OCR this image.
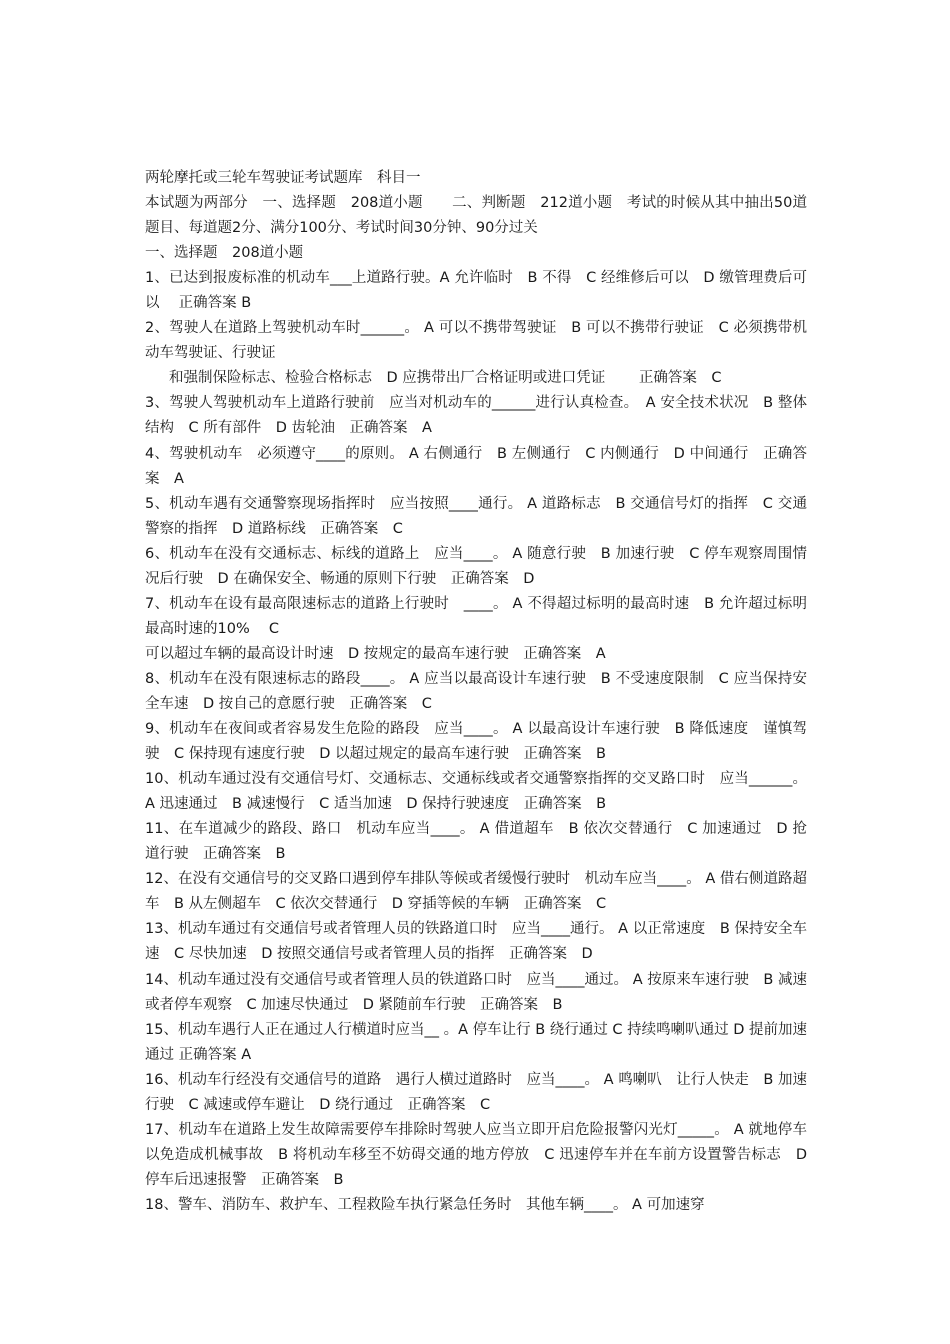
两轮摩托或三轮车驾驶证考试题库　科目一

本试题为两部分　一、选择题　208道小题　　二、判断题　212道小题　考试的时候从其中抽出50道题目、每道题2分、满分100分、考试时间30分钟、90分过关

一、选择题　208道小题

1、已达到报废标准的机动车___上道路行驶。A 允许临时　B 不得　C 经维修后可以　D 缴管理费后可以　 正确答案 B

2、驾驶人在道路上驾驶机动车时______。 A 可以不携带驾驶证　B 可以不携带行驶证　C 必须携带机动车驾驶证、行驶证

和强制保险标志、检验合格标志　D 应携带出厂合格证明或进口凭证　　 正确答案　C

3、驾驶人驾驶机动车上道路行驶前　应当对机动车的______进行认真检查。　A 安全技术状况　B 整体结构　C 所有部件　D 齿轮油　正确答案　A

4、驾驶机动车　必须遵守____的原则。 A 右侧通行　B 左侧通行　C 内侧通行　D 中间通行　正确答案　A

5、机动车遇有交通警察现场指挥时　应当按照____通行。 A 道路标志　B 交通信号灯的指挥　C 交通警察的指挥　D 道路标线　正确答案　C

6、机动车在没有交通标志、标线的道路上　应当____。 A 随意行驶　B 加速行驶　C 停车观察周围情况后行驶　D 在确保安全、畅通的原则下行驶　正确答案　D

7、机动车在设有最高限速标志的道路上行驶时　____。 A 不得超过标明的最高时速　B 允许超过标明最高时速的10%　 C

可以超过车辆的最高设计时速　D 按规定的最高车速行驶　正确答案　A

8、机动车在没有限速标志的路段____。 A 应当以最高设计车速行驶　B 不受速度限制　C 应当保持安全车速　D 按自己的意愿行驶　正确答案　C

9、机动车在夜间或者容易发生危险的路段　应当____。 A 以最高设计车速行驶　B 降低速度　谨慎驾驶　C 保持现有速度行驶　D 以超过规定的最高车速行驶　正确答案　B

10、机动车通过没有交通信号灯、交通标志、交通标线或者交通警察指挥的交叉路口时　应当______。 A 迅速通过　B 减速慢行　C 适当加速　D 保持行驶速度　正确答案　B

11、在车道减少的路段、路口　机动车应当____。 A 借道超车　B 依次交替通行　C 加速通过　D 抢道行驶　正确答案　B

12、在没有交通信号的交叉路口遇到停车排队等候或者缓慢行驶时　机动车应当____。 A 借右侧道路超车　B 从左侧超车　C 依次交替通行　D 穿插等候的车辆　正确答案　C

13、机动车通过有交通信号或者管理人员的铁路道口时　应当____通行。 A 以正常速度　B 保持安全车速　C 尽快加速　D 按照交通信号或者管理人员的指挥　正确答案　D

14、机动车通过没有交通信号或者管理人员的铁道路口时　应当____通过。 A 按原来车速行驶　B 减速或者停车观察　C 加速尽快通过　D 紧随前车行驶　正确答案　B

15、机动车遇行人正在通过人行横道时应当__ 。A 停车让行 B 绕行通过 C 持续鸣喇叭通过 D 提前加速通过 正确答案 A

16、机动车行经没有交通信号的道路　遇行人横过道路时　应当____。 A 鸣喇叭　让行人快走　B 加速行驶　C 减速或停车避让　D 绕行通过　正确答案　C

17、机动车在道路上发生故障需要停车排除时驾驶人应当立即开启危险报警闪光灯_____。 A 就地停车　以免造成机械事故　B 将机动车移至不妨碍交通的地方停放　C 迅速停车并在车前方设置警告标志　D 停车后迅速报警　正确答案　B

18、警车、消防车、救护车、工程救险车执行紧急任务时　其他车辆____。 A 可加速穿
